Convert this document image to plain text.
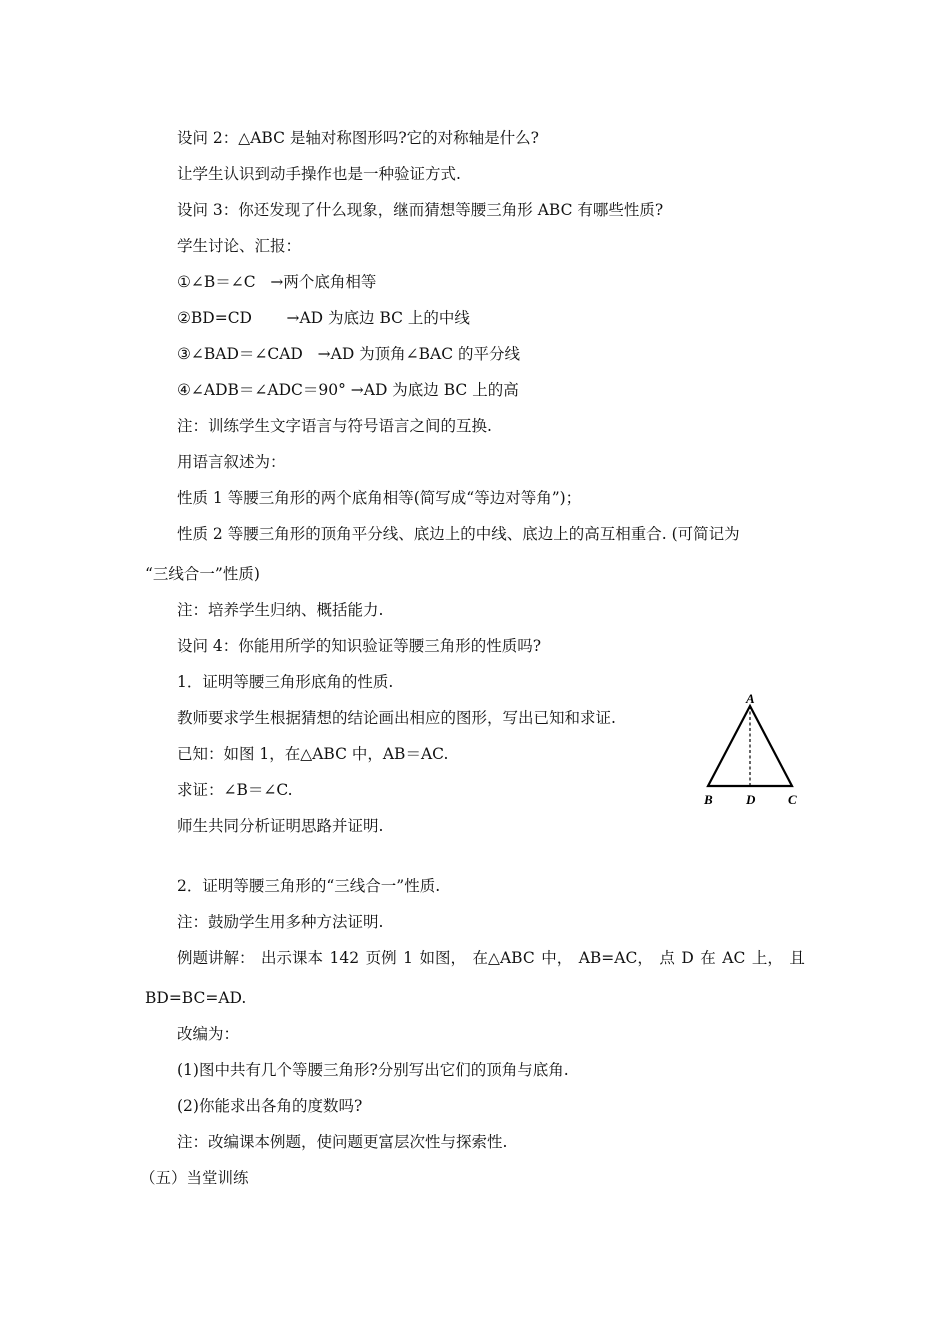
设问 2：△ABC 是轴对称图形吗?它的对称轴是什么?
让学生认识到动手操作也是一种验证方式.
设问 3：你还发现了什么现象，继而猜想等腰三角形 ABC 有哪些性质?
学生讨论、汇报：
①∠B＝∠C   →两个底角相等
②BD=CD       →AD 为底边 BC 上的中线
③∠BAD＝∠CAD   →AD 为顶角∠BAC 的平分线
④∠ADB＝∠ADC＝90° →AD 为底边 BC 上的高
注：训练学生文字语言与符号语言之间的互换.
用语言叙述为：
性质 1 等腰三角形的两个底角相等(简写成“等边对等角”)；
性质 2 等腰三角形的顶角平分线、底边上的中线、底边上的高互相重合. (可简记为
“三线合一”性质)
注：培养学生归纳、概括能力.
设问 4：你能用所学的知识验证等腰三角形的性质吗?
1．证明等腰三角形底角的性质.
教师要求学生根据猜想的结论画出相应的图形，写出已知和求证.
已知：如图 1，在△ABC 中，AB＝AC.
求证：∠B＝∠C.
师生共同分析证明思路并证明.
A
B	D	C
2．证明等腰三角形的“三线合一”性质.
注：鼓励学生用多种方法证明.
例题讲解： 出示课本 142 页例 1 如图， 在△ABC 中， AB=AC， 点 D 在 AC 上， 且
BD=BC=AD.
改编为：
(1)图中共有几个等腰三角形?分别写出它们的顶角与底角.
(2)你能求出各角的度数吗?
注：改编课本例题，使问题更富层次性与探索性.
（五）当堂训练
